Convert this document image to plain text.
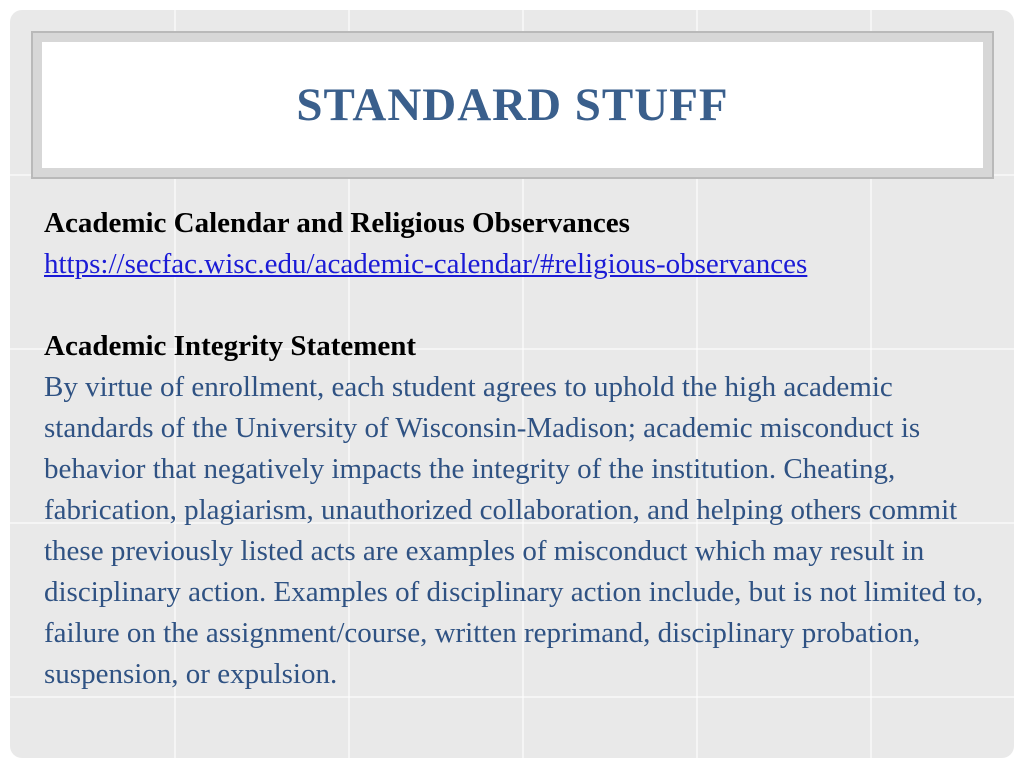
STANDARD STUFF
Academic Calendar and Religious Observances
https://secfac.wisc.edu/academic-calendar/#religious-observances
Academic Integrity Statement

By virtue of enrollment, each student agrees to uphold the high academic standards of the University of Wisconsin-Madison; academic misconduct is behavior that negatively impacts the integrity of the institution. Cheating, fabrication, plagiarism, unauthorized collaboration, and helping others commit these previously listed acts are examples of misconduct which may result in disciplinary action. Examples of disciplinary action include, but is not limited to, failure on the assignment/course, written reprimand, disciplinary probation, suspension, or expulsion.
